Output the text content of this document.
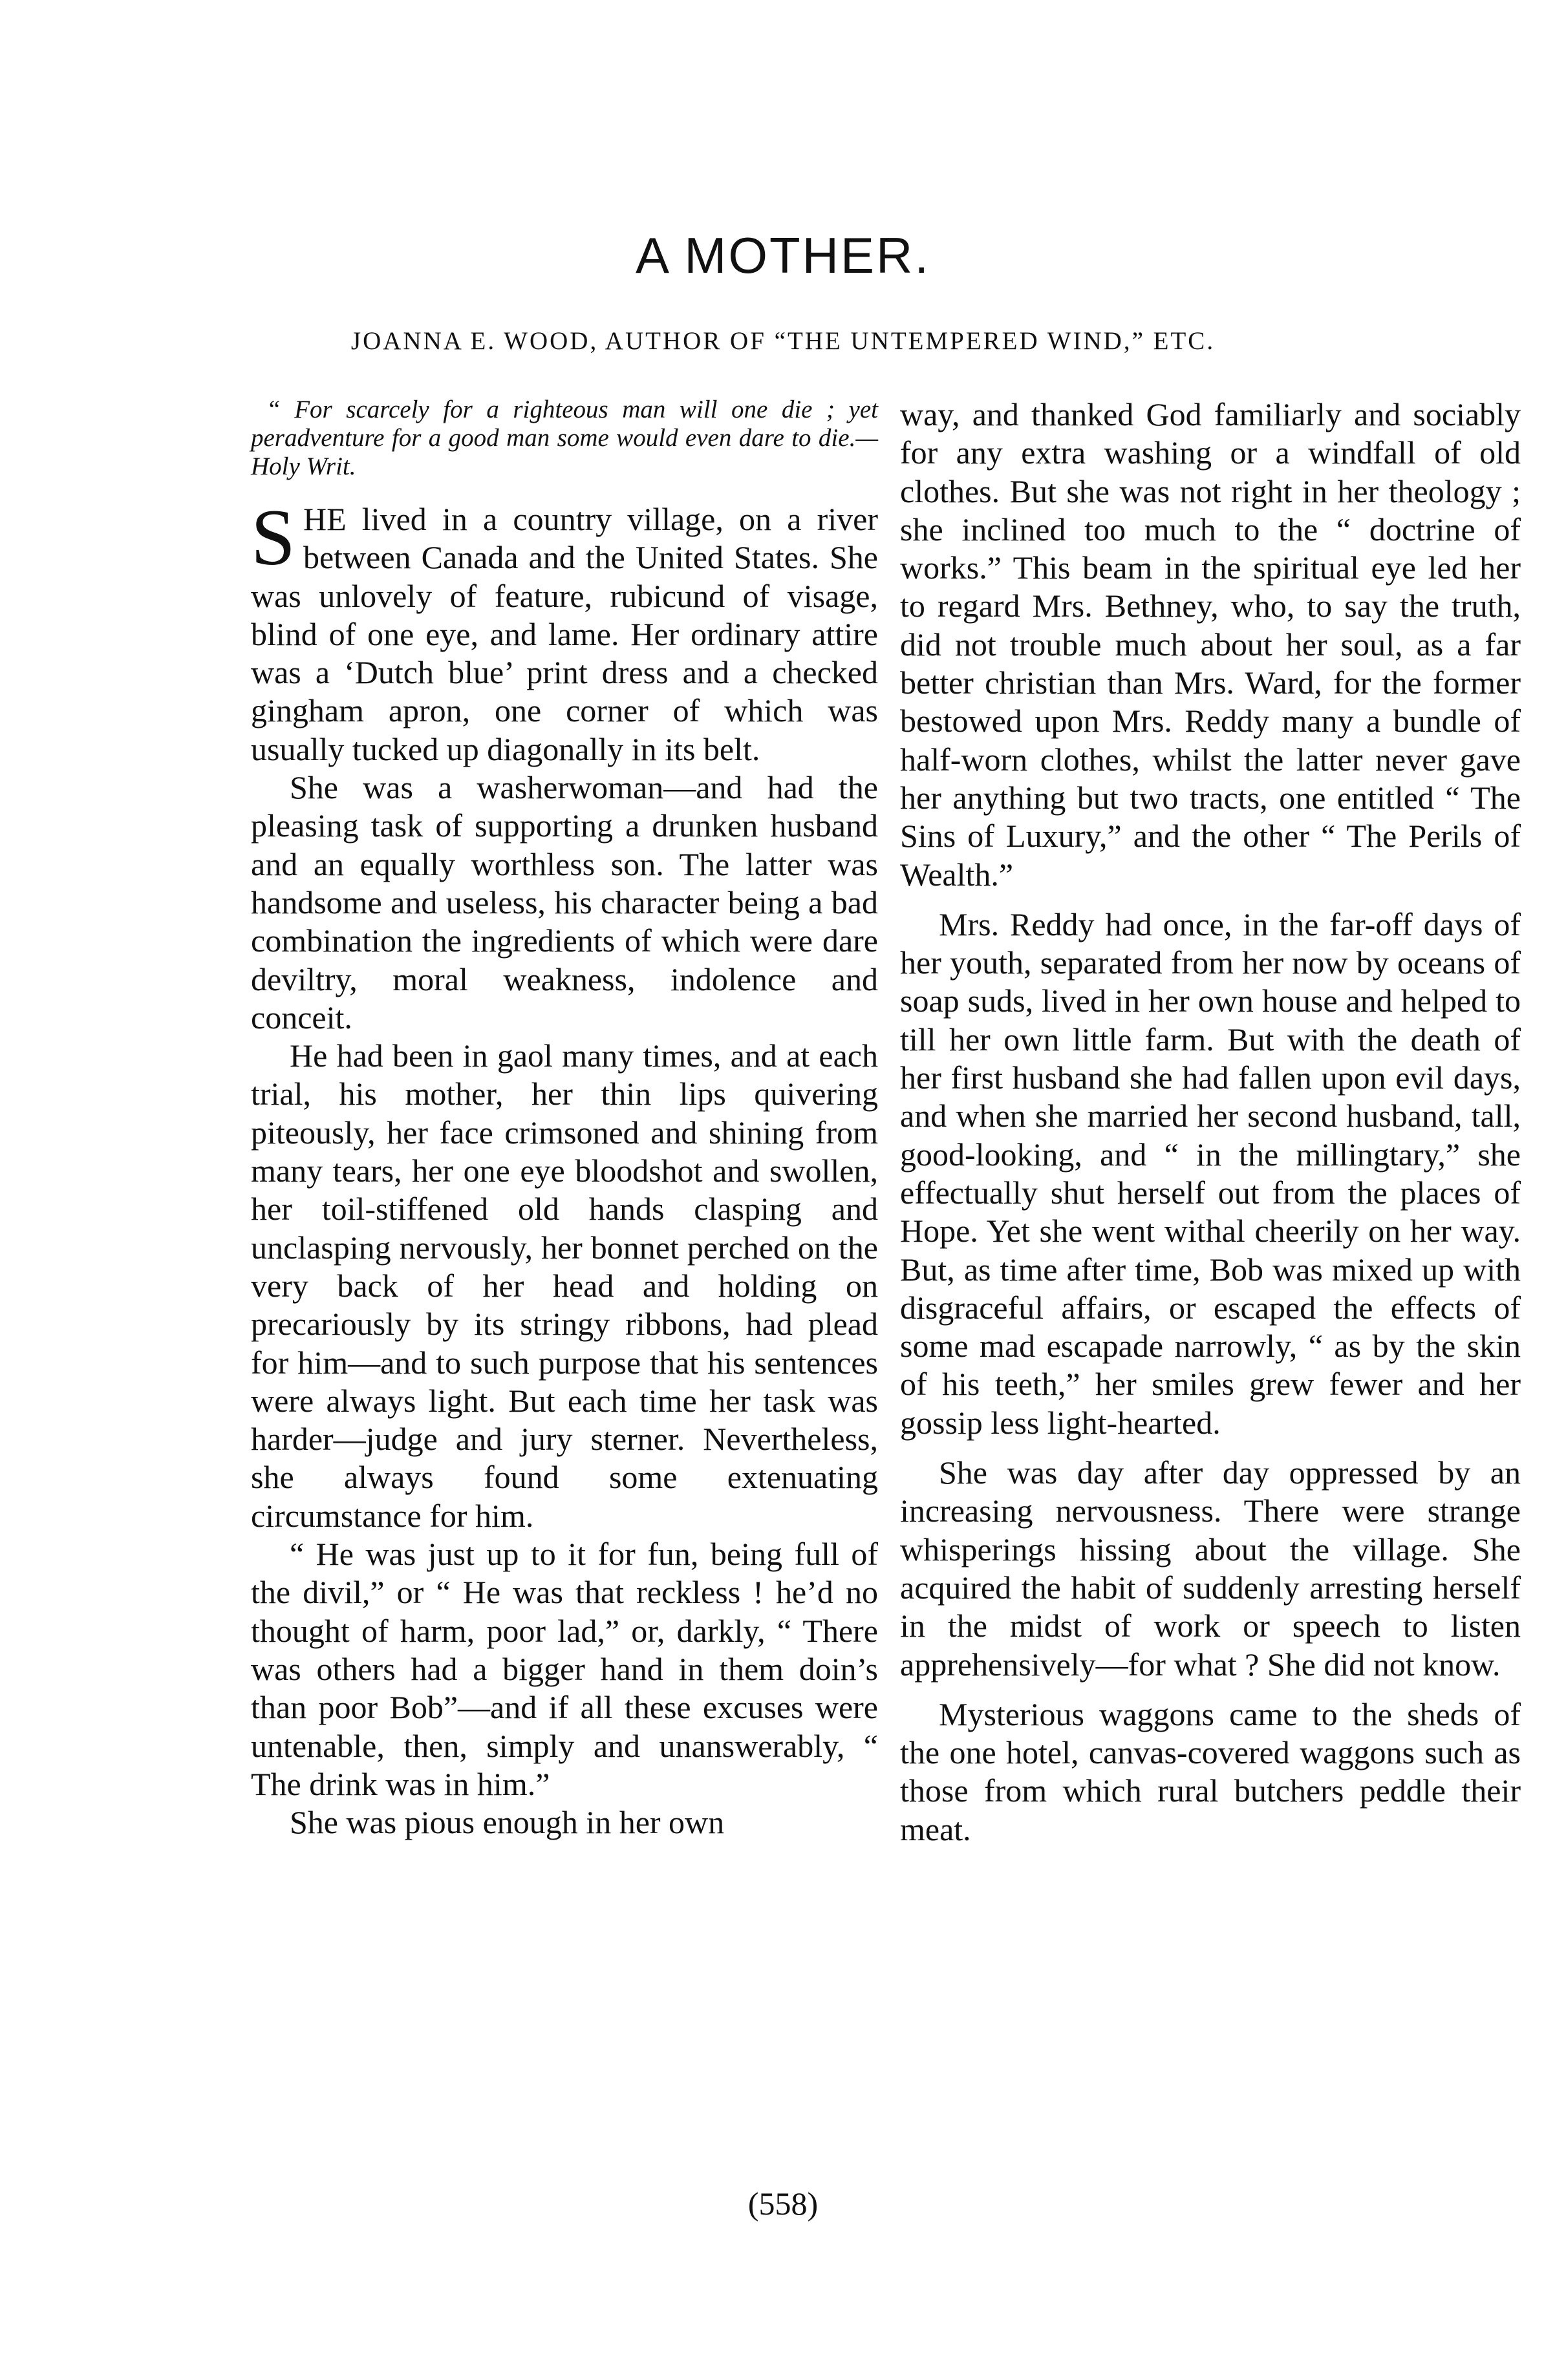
A MOTHER.
JOANNA E. WOOD, AUTHOR OF “THE UNTEMPERED WIND,” ETC.

“ For scarcely for a righteous man will one die ; yet peradventure for a good man some would even dare to die.—Holy Writ.

SHE lived in a country village, on a river between Canada and the United States. She was unlovely of feature, rubicund of visage, blind of one eye, and lame. Her ordinary attire was a ‘Dutch blue’ print dress and a checked gingham apron, one corner of which was usually tucked up diagonally in its belt.

She was a washerwoman—and had the pleasing task of supporting a drunken husband and an equally worthless son. The latter was handsome and useless, his character being a bad combination the ingredients of which were dare deviltry, moral weakness, indolence and conceit.

He had been in gaol many times, and at each trial, his mother, her thin lips quivering piteously, her face crimsoned and shining from many tears, her one eye bloodshot and swollen, her toil-stiffened old hands clasping and unclasping nervously, her bonnet perched on the very back of her head and holding on precariously by its stringy ribbons, had plead for him—and to such purpose that his sentences were always light. But each time her task was harder—judge and jury sterner. Nevertheless, she always found some extenuating circumstance for him.

“ He was just up to it for fun, being full of the divil,” or “ He was that reckless ! he’d no thought of harm, poor lad,” or, darkly, “ There was others had a bigger hand in them doin’s than poor Bob”—and if all these excuses were untenable, then, simply and unanswerably, “ The drink was in him.”

She was pious enough in her own

way, and thanked God familiarly and sociably for any extra washing or a windfall of old clothes. But she was not right in her theology ; she inclined too much to the “ doctrine of works.” This beam in the spiritual eye led her to regard Mrs. Bethney, who, to say the truth, did not trouble much about her soul, as a far better christian than Mrs. Ward, for the former bestowed upon Mrs. Reddy many a bundle of half-worn clothes, whilst the latter never gave her anything but two tracts, one entitled “ The Sins of Luxury,” and the other “ The Perils of Wealth.”

Mrs. Reddy had once, in the far-off days of her youth, separated from her now by oceans of soap suds, lived in her own house and helped to till her own little farm. But with the death of her first husband she had fallen upon evil days, and when she married her second husband, tall, good-looking, and “ in the millingtary,” she effectually shut herself out from the places of Hope. Yet she went withal cheerily on her way. But, as time after time, Bob was mixed up with disgraceful affairs, or escaped the effects of some mad escapade narrowly, “ as by the skin of his teeth,” her smiles grew fewer and her gossip less light-hearted.

She was day after day oppressed by an increasing nervousness. There were strange whisperings hissing about the village. She acquired the habit of suddenly arresting herself in the midst of work or speech to listen apprehensively—for what ? She did not know.

Mysterious waggons came to the sheds of the one hotel, canvas-covered waggons such as those from which rural butchers peddle their meat.

(558)
